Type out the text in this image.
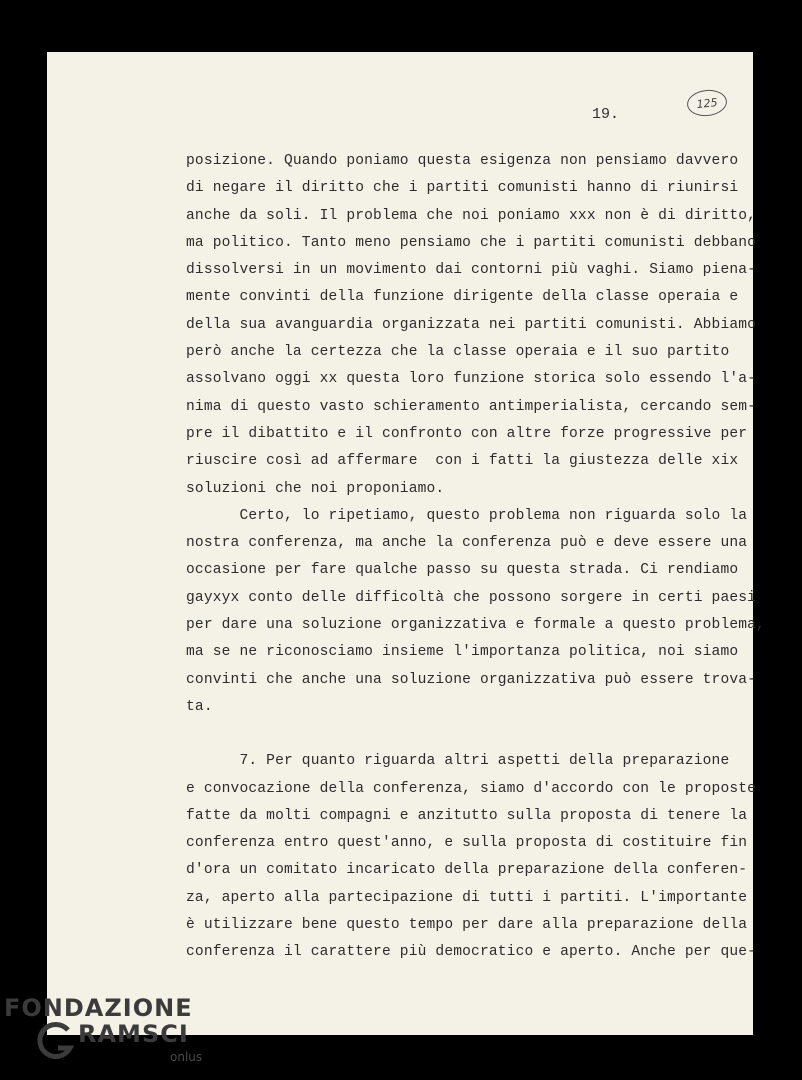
19.
125
posizione. Quando poniamo questa esigenza non pensiamo davvero
di negare il diritto che i partiti comunisti hanno di riunirsi
anche da soli. Il problema che noi poniamo xxx non è di diritto,
ma politico. Tanto meno pensiamo che i partiti comunisti debbano
dissolversi in un movimento dai contorni più vaghi. Siamo piena-
mente convinti della funzione dirigente della classe operaia e
della sua avanguardia organizzata nei partiti comunisti. Abbiamo
però anche la certezza che la classe operaia e il suo partito
assolvano oggi xx questa loro funzione storica solo essendo l'a-
nima di questo vasto schieramento antimperialista, cercando sem-
pre il dibattito e il confronto con altre forze progressive per
riuscire così ad affermare  con i fatti la giustezza delle xix
soluzioni che noi proponiamo.
Certo, lo ripetiamo, questo problema non riguarda solo la
nostra conferenza, ma anche la conferenza può e deve essere una
occasione per fare qualche passo su questa strada. Ci rendiamo
gayxyx conto delle difficoltà che possono sorgere in certi paesi
per dare una soluzione organizzativa e formale a questo problema,
ma se ne riconosciamo insieme l'importanza politica, noi siamo
convinti che anche una soluzione organizzativa può essere trova-
ta.
7. Per quanto riguarda altri aspetti della preparazione
e convocazione della conferenza, siamo d'accordo con le proposte
fatte da molti compagni e anzitutto sulla proposta di tenere la
conferenza entro quest'anno, e sulla proposta di costituire fin
d'ora un comitato incaricato della preparazione della conferen-
za, aperto alla partecipazione di tutti i partiti. L'importante
è utilizzare bene questo tempo per dare alla preparazione della
conferenza il carattere più democratico e aperto. Anche per que-
FONDAZIONE
RAMSCI
onlus
